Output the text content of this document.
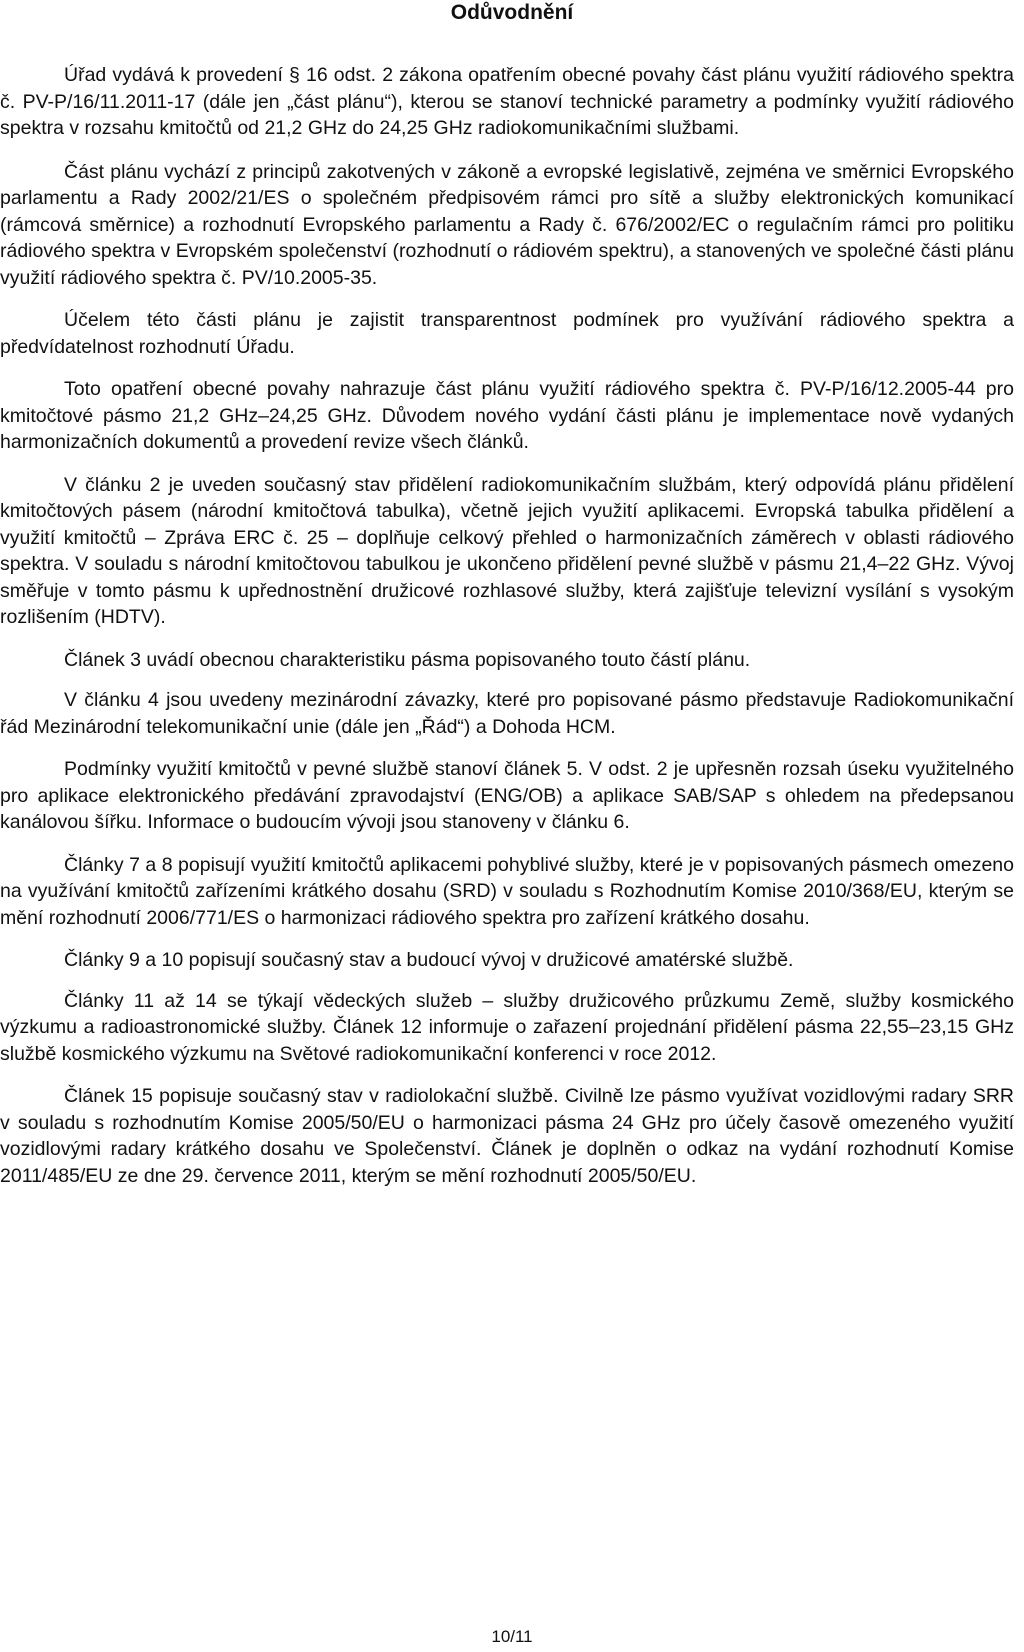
Odůvodnění

Úřad vydává k provedení § 16 odst. 2 zákona opatřením obecné povahy část plánu využití rádiového spektra č. PV-P/16/11.2011-17 (dále jen „část plánu“), kterou se stanoví technické parametry a podmínky využití rádiového spektra v rozsahu kmitočtů od 21,2 GHz do 24,25 GHz radiokomunikačními službami.

Část plánu vychází z principů zakotvených v zákoně a evropské legislativě, zejména ve směrnici Evropského parlamentu a Rady 2002/21/ES o společném předpisovém rámci pro sítě a služby elektronických komunikací (rámcová směrnice) a rozhodnutí Evropského parlamentu a Rady č. 676/2002/EC o regulačním rámci pro politiku rádiového spektra v Evropském společenství (rozhodnutí o rádiovém spektru), a stanovených ve společné části plánu využití rádiového spektra č. PV/10.2005-35.

Účelem této části plánu je zajistit transparentnost podmínek pro využívání rádiového spektra a předvídatelnost rozhodnutí Úřadu.

Toto opatření obecné povahy nahrazuje část plánu využití rádiového spektra č. PV-P/16/12.2005-44 pro kmitočtové pásmo 21,2 GHz–24,25 GHz. Důvodem nového vydání části plánu je implementace nově vydaných harmonizačních dokumentů a provedení revize všech článků.

V článku 2 je uveden současný stav přidělení radiokomunikačním službám, který odpovídá plánu přidělení kmitočtových pásem (národní kmitočtová tabulka), včetně jejich využití aplikacemi. Evropská tabulka přidělení a využití kmitočtů – Zpráva ERC č. 25 – doplňuje celkový přehled o harmonizačních záměrech v oblasti rádiového spektra. V souladu s národní kmitočtovou tabulkou je ukončeno přidělení pevné službě v pásmu 21,4–22 GHz. Vývoj směřuje v tomto pásmu k upřednostnění družicové rozhlasové služby, která zajišťuje televizní vysílání s vysokým rozlišením (HDTV).

Článek 3 uvádí obecnou charakteristiku pásma popisovaného touto částí plánu.

V článku 4 jsou uvedeny mezinárodní závazky, které pro popisované pásmo představuje Radiokomunikační řád Mezinárodní telekomunikační unie (dále jen „Řád“) a Dohoda HCM.

Podmínky využití kmitočtů v pevné službě stanoví článek 5. V odst. 2 je upřesněn rozsah úseku využitelného pro aplikace elektronického předávání zpravodajství (ENG/OB) a aplikace SAB/SAP s ohledem na předepsanou kanálovou šířku. Informace o budoucím vývoji jsou stanoveny v článku 6.

Články 7 a 8 popisují využití kmitočtů aplikacemi pohyblivé služby, které je v popisovaných pásmech omezeno na využívání kmitočtů zařízeními krátkého dosahu (SRD) v souladu s Rozhodnutím Komise 2010/368/EU, kterým se mění rozhodnutí 2006/771/ES o harmonizaci rádiového spektra pro zařízení krátkého dosahu.

Články 9 a 10 popisují současný stav a budoucí vývoj v družicové amatérské službě.

Články 11 až 14 se týkají vědeckých služeb – služby družicového průzkumu Země, služby kosmického výzkumu a radioastronomické služby. Článek 12 informuje o zařazení projednání přidělení pásma 22,55–23,15 GHz službě kosmického výzkumu na Světové radiokomunikační konferenci v roce 2012.

Článek 15 popisuje současný stav v radiolokační službě. Civilně lze pásmo využívat vozidlovými radary SRR v souladu s rozhodnutím Komise 2005/50/EU o harmonizaci pásma 24 GHz pro účely časově omezeného využití vozidlovými radary krátkého dosahu ve Společenství. Článek je doplněn o odkaz na vydání rozhodnutí Komise 2011/485/EU ze dne 29. července 2011, kterým se mění rozhodnutí 2005/50/EU.

10/11
